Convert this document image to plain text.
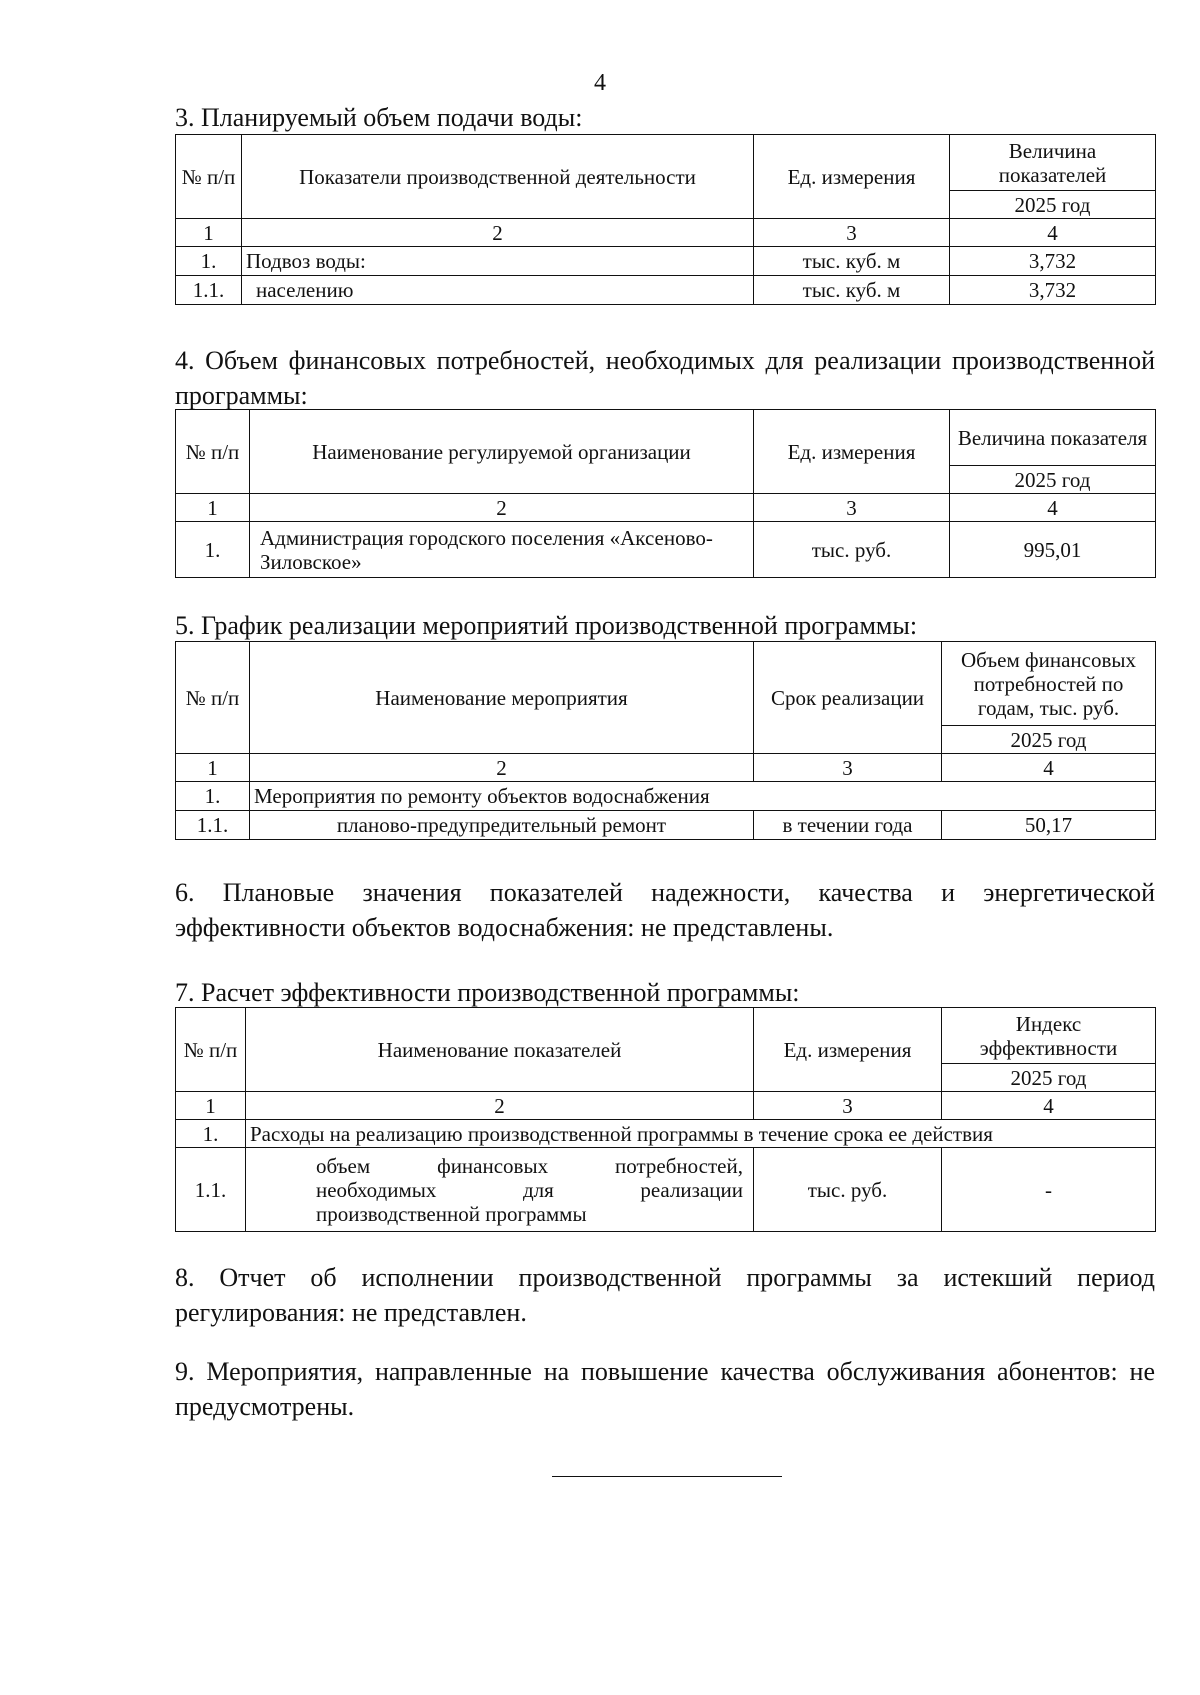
4

3. Планируемый объем подачи воды:

№ п/п	Показатели производственной деятельности	Ед. измерения	Величина показателей
			2025 год
1	2	3	4
1.	Подвоз воды:	тыс. куб. м	3,732
1.1.	населению	тыс. куб. м	3,732

4. Объем финансовых потребностей, необходимых для реализации производственной программы:

№ п/п	Наименование регулируемой организации	Ед. измерения	Величина показателя
			2025 год
1	2	3	4
1.	Администрация городского поселения «Аксеново-Зиловское»	тыс. руб.	995,01

5. График реализации мероприятий производственной программы:

№ п/п	Наименование мероприятия	Срок реализации	Объем финансовых потребностей по годам, тыс. руб.
			2025 год
1	2	3	4
1.	Мероприятия по ремонту объектов водоснабжения		
1.1.	планово-предупредительный ремонт	в течении года	50,17

6. Плановые значения показателей надежности, качества и энергетической эффективности объектов водоснабжения: не представлены.

7. Расчет эффективности производственной программы:

№ п/п	Наименование показателей	Ед. измерения	Индекс эффективности
			2025 год
1	2	3	4
1.	Расходы на реализацию производственной программы в течение срока ее действия		
1.1.	объем финансовых потребностей, необходимых для реализации производственной программы	тыс. руб.	-

8. Отчет об исполнении производственной программы за истекший период регулирования: не представлен.

9. Мероприятия, направленные на повышение качества обслуживания абонентов: не предусмотрены.
